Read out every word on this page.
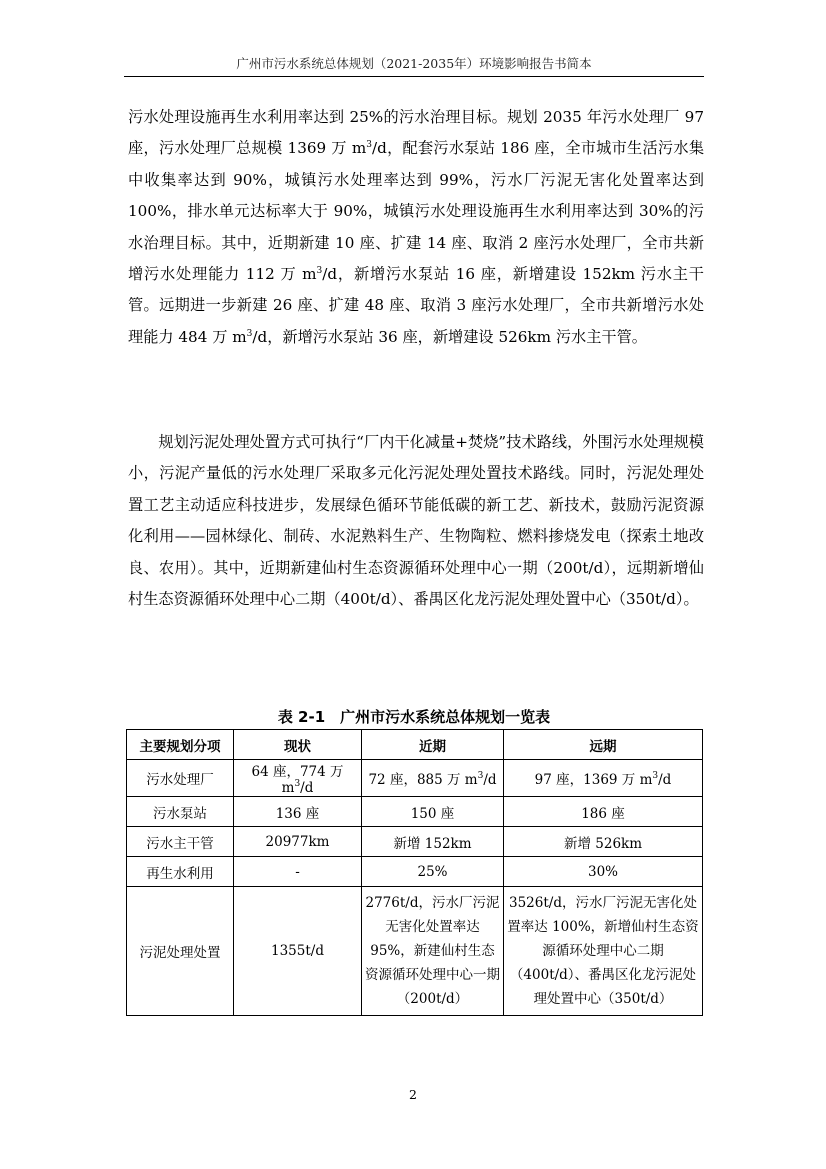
广州市污水系统总体规划（2021-2035年）环境影响报告书简本

污水处理设施再生水利用率达到 25%的污水治理目标。规划 2035 年污水处理厂 97 座，污水处理厂总规模 1369 万 $m^3/d$，配套污水泵站 186 座，全市城市生活污水集中收集率达到 90%，城镇污水处理率达到 99%，污水厂污泥无害化处置率达到 100%，排水单元达标率大于 90%，城镇污水处理设施再生水利用率达到 30%的污水治理目标。其中，近期新建 10 座、扩建 14 座、取消 2 座污水处理厂，全市共新增污水处理能力 112 万 $m^3/d$，新增污水泵站 16 座，新增建设 152km 污水主干管。远期进一步新建 26 座、扩建 48 座、取消 3 座污水处理厂，全市共新增污水处理能力 484 万 $m^3/d$，新增污水泵站 36 座，新增建设 526km 污水主干管。

规划污泥处理处置方式可执行“厂内干化减量+焚烧”技术路线，外围污水处理规模小，污泥产量低的污水处理厂采取多元化污泥处理处置技术路线。同时，污泥处理处置工艺主动适应科技进步，发展绿色循环节能低碳的新工艺、新技术，鼓励污泥资源化利用——园林绿化、制砖、水泥熟料生产、生物陶粒、燃料掺烧发电（探索土地改良、农用）。其中，近期新建仙村生态资源循环处理中心一期（200t/d），远期新增仙村生态资源循环处理中心二期（400t/d）、番禺区化龙污泥处理处置中心（350t/d）。

表 2-1　广州市污水系统总体规划一览表
主要规划分项	现状	近期	远期
污水处理厂	64 座，774 万 $m^3/d$	72 座，885 万 $m^3/d$	97 座，1369 万 $m^3/d$
污水泵站	136 座	150 座	186 座
污水主干管	20977km	新增 152km	新增 526km
再生水利用	-	25%	30%
污泥处理处置	1355t/d	2776t/d，污水厂污泥无害化处置率达 95%，新建仙村生态资源循环处理中心一期（200t/d）	3526t/d，污水厂污泥无害化处置率达 100%，新增仙村生态资源循环处理中心二期（400t/d）、番禺区化龙污泥处理处置中心（350t/d）
2
